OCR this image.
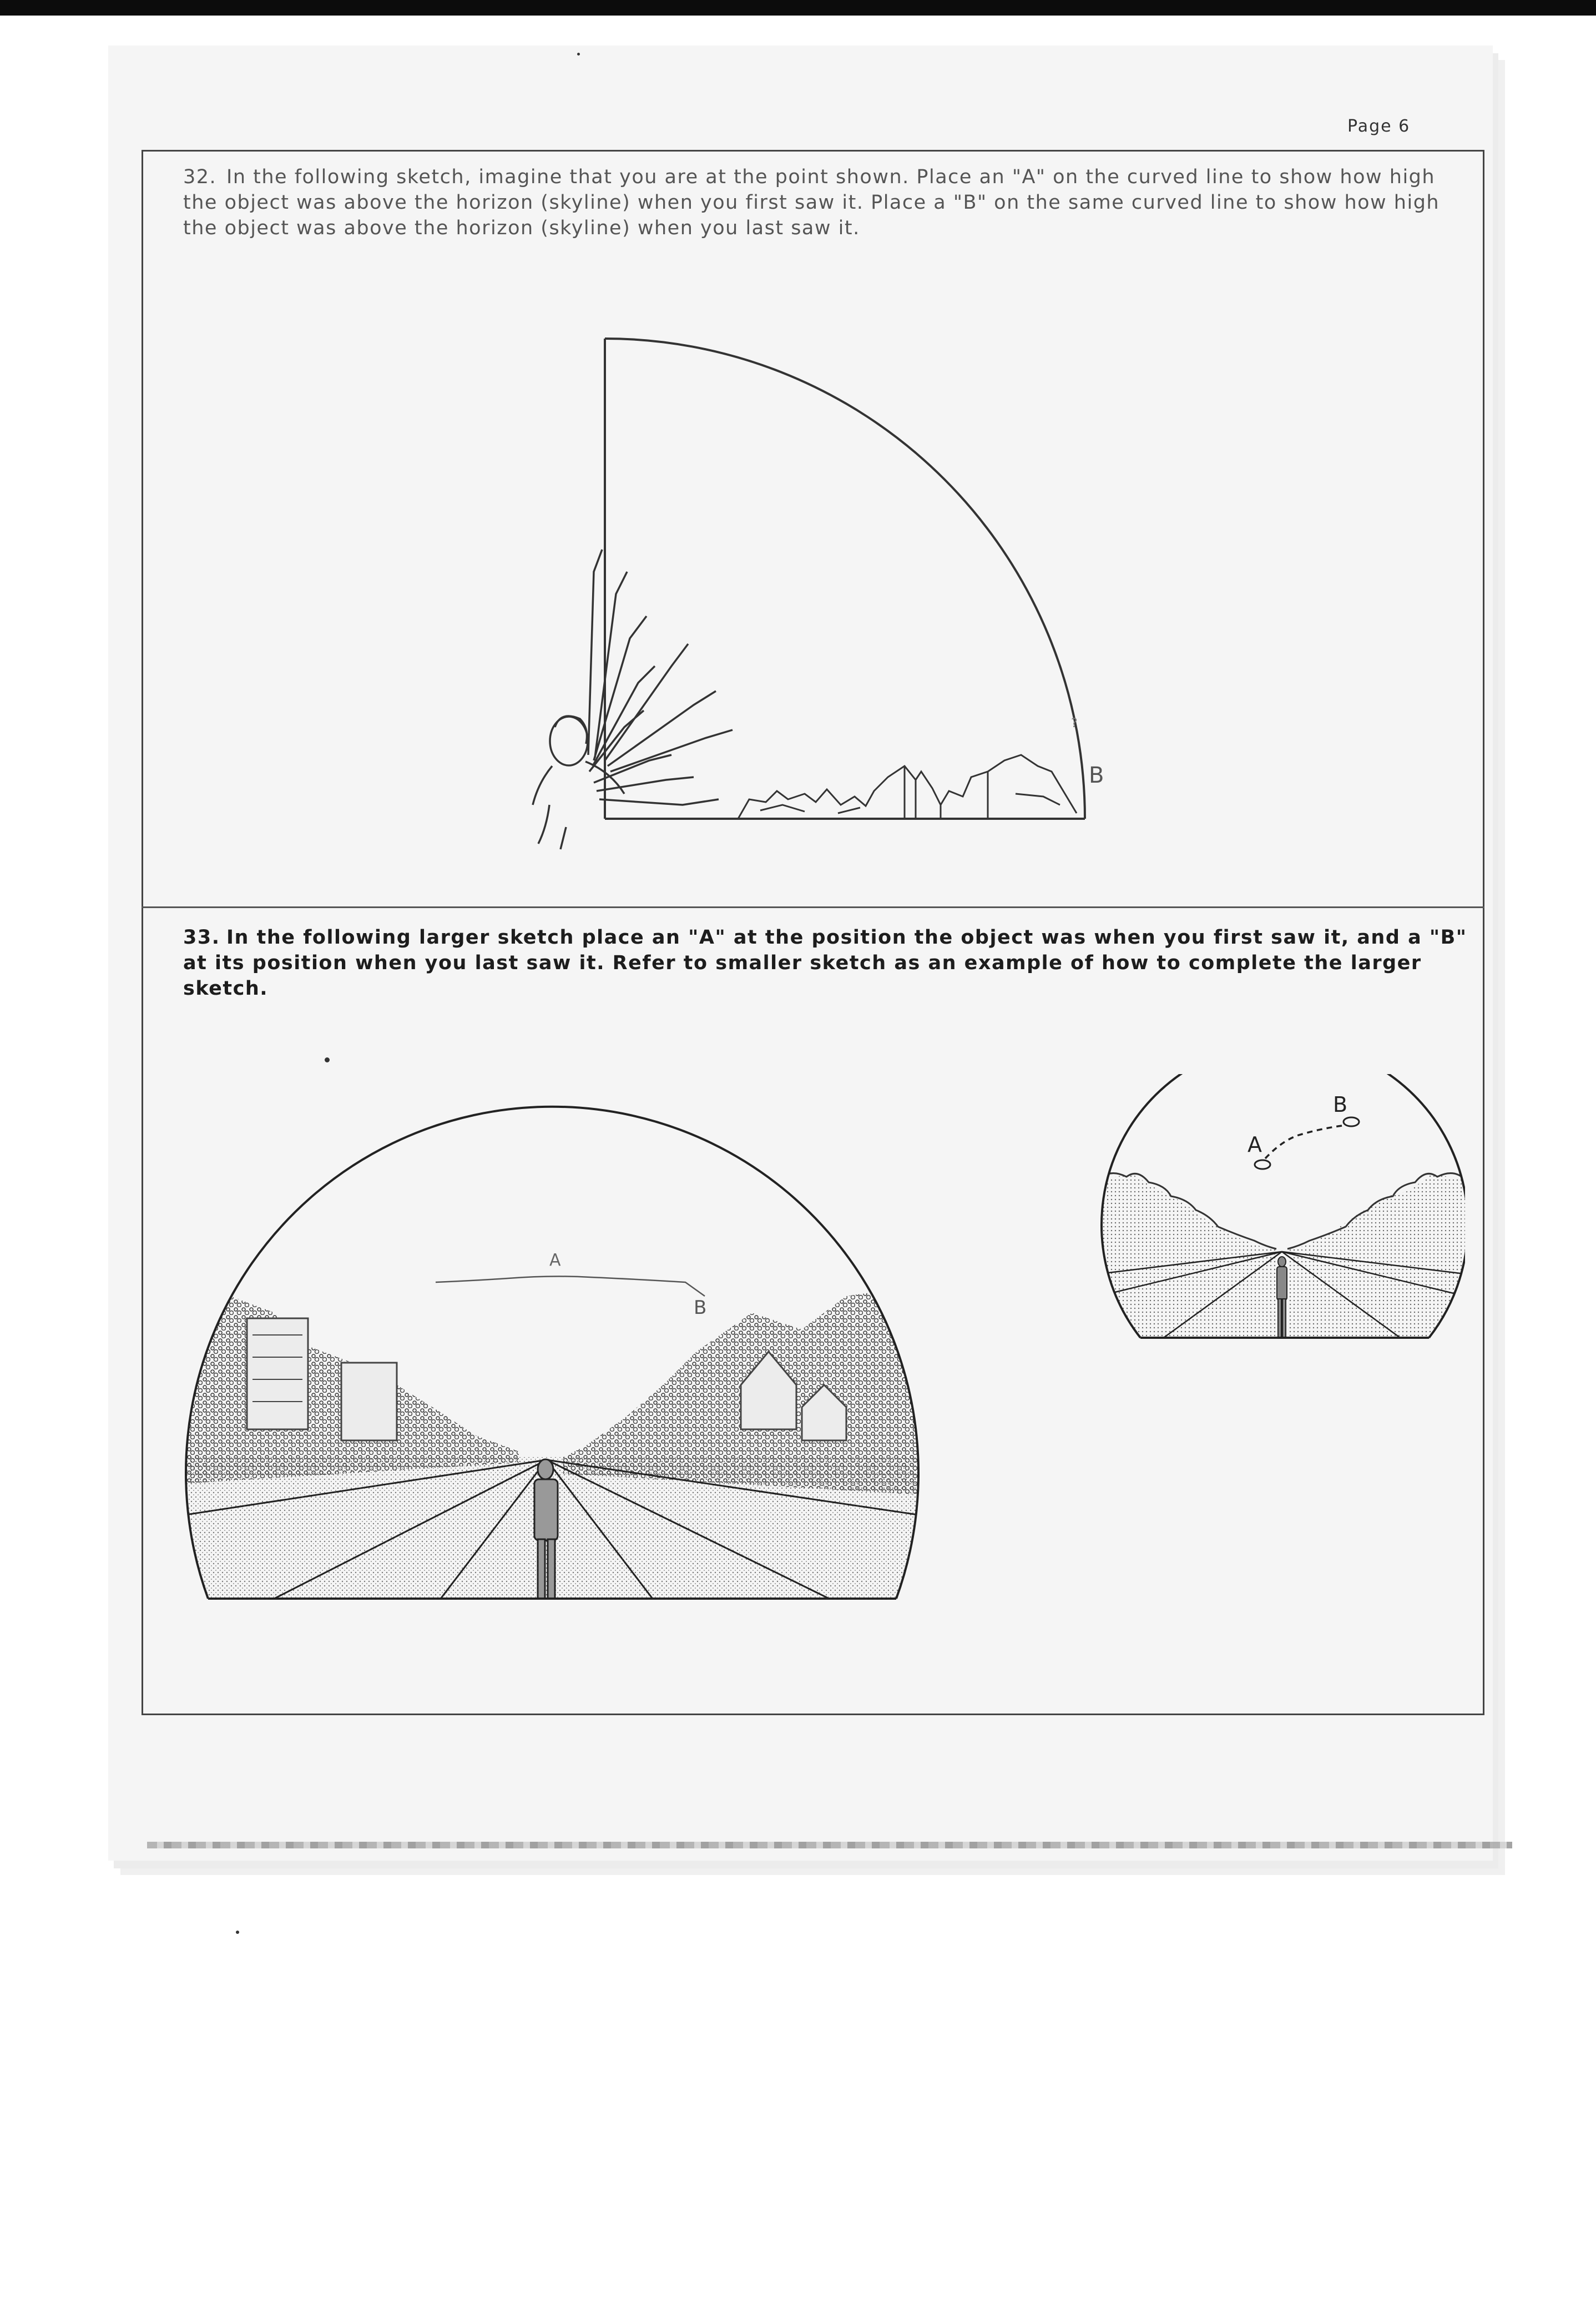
Page 6
32. In the following sketch, imagine that you are at the point shown. Place an "A" on the curved line to show how high the object was above the horizon (skyline) when you first saw it. Place a "B" on the same curved line to show how high the object was above the horizon (skyline) when you last saw it.
B
?
33. In the following larger sketch place an "A" at the position the object was when you first saw it, and a "B" at its position when you last saw it. Refer to smaller sketch as an example of how to complete the larger sketch.
A
B
A
B
